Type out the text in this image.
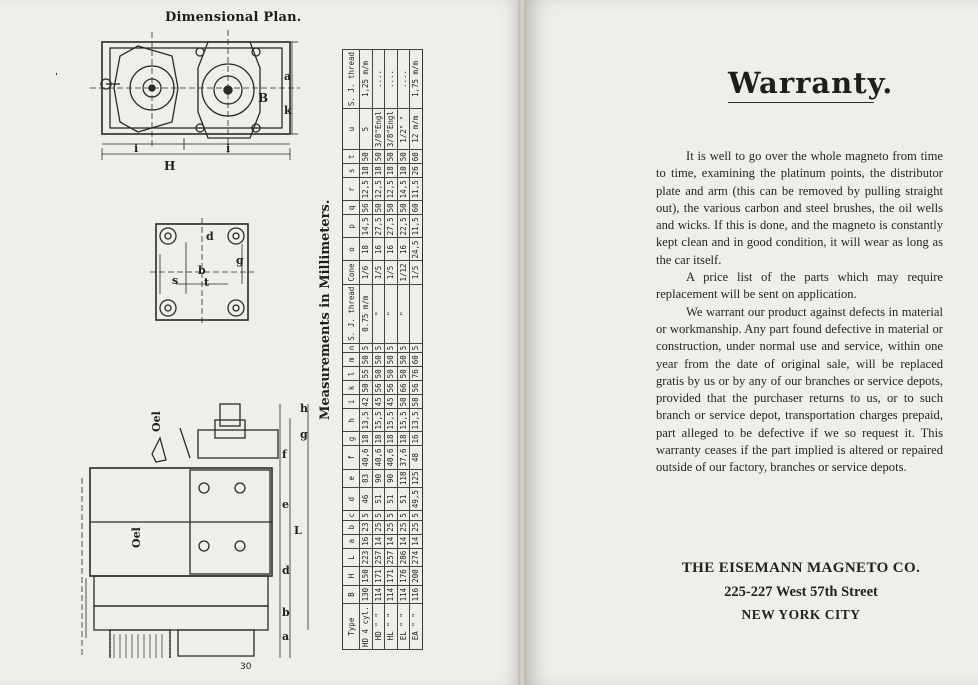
’
Dimensional Plan.
B
H
i	i
a
k
d
b
t
s
g
Oel
Oel
e
L
h
f
g
b
d
a
30
Measurements in Millimeters.
Type	B	H	L	a	b	c	d	e	f	g	h	i	k	l	m	n	S. J. thread	Cone	o	p	q	r	s	t	u	S. J. thread
HD 4 cyl.	130	150	223	16	23	5	46	83	40,6	18	13,5	42	50	55	50	5	0.75 m/m	1/6	18	14,5	56	12,5	18	50	5	1,25 m/m
HD " "	114	171	257	14	25	5	51	90	40,6	18	15,5	45	56	50	50	5	"	1/5	16	27,5	50	12,5	18	50	3/8"Engl	....
HL " "	114	171	257	14	25	5	51	90	40,6	18	15,5	45	56	50	50	5	"	1/5	16	27,5	50	12,5	18	50	3/8"Engl	....
EL " "	114	176	286	14	25	5	51	118	37,6	18	15,5	50	66	50	50	5	"	1/12	16	22,5	50	14,5	10	50	1/2" "	....
EA " "	116	200	274	14	25	5	49,5	125	48	16	13,5	58	56	76	60	5		1/5	24,5	11,5	60	11,5	26	60	12 m/m	1,75 m/m	Warranty.

It is well to go over the whole magneto from time to time, examining the platinum points, the distributor plate and arm (this can be removed by pulling straight out), the various carbon and steel brushes, the oil wells and wicks. If this is done, and the magneto is constantly kept clean and in good condition, it will wear as long as the car itself.

A price list of the parts which may require replacement will be sent on application.

We warrant our product against defects in material or workmanship. Any part found defective in material or construction, under normal use and service, within one year from the date of original sale, will be replaced gratis by us or by any of our branches or service depots, provided that the purchaser returns to us, or to such branch or service depot, transportation charges prepaid, part alleged to be defective if we so request it. This warranty ceases if the part implied is altered or repaired outside of our factory, branches or service depots.

THE EISEMANN MAGNETO CO.
225-227 West 57th Street
NEW YORK CITY
